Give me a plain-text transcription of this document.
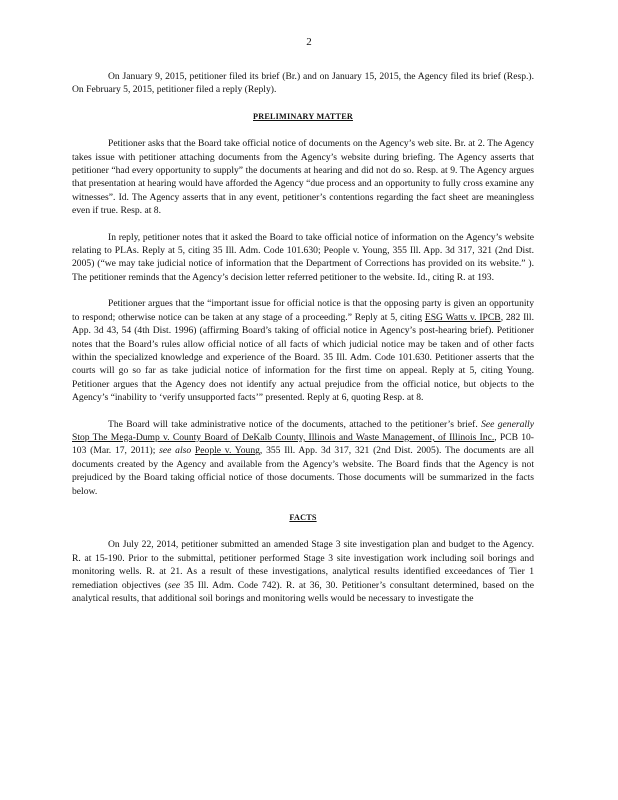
2

On January 9, 2015, petitioner filed its brief (Br.) and on January 15, 2015, the Agency filed its brief (Resp.). On February 5, 2015, petitioner filed a reply (Reply).

PRELIMINARY MATTER

Petitioner asks that the Board take official notice of documents on the Agency’s web site. Br. at 2. The Agency takes issue with petitioner attaching documents from the Agency’s website during briefing. The Agency asserts that petitioner “had every opportunity to supply” the documents at hearing and did not do so. Resp. at 9. The Agency argues that presentation at hearing would have afforded the Agency “due process and an opportunity to fully cross examine any witnesses”. Id. The Agency asserts that in any event, petitioner’s contentions regarding the fact sheet are meaningless even if true. Resp. at 8.

In reply, petitioner notes that it asked the Board to take official notice of information on the Agency’s website relating to PLAs. Reply at 5, citing 35 Ill. Adm. Code 101.630; People v. Young, 355 Ill. App. 3d 317, 321 (2nd Dist. 2005) (“we may take judicial notice of information that the Department of Corrections has provided on its website.” ). The petitioner reminds that the Agency’s decision letter referred petitioner to the website. Id., citing R. at 193.

Petitioner argues that the “important issue for official notice is that the opposing party is given an opportunity to respond; otherwise notice can be taken at any stage of a proceeding.” Reply at 5, citing ESG Watts v. IPCB, 282 Ill. App. 3d 43, 54 (4th Dist. 1996) (affirming Board’s taking of official notice in Agency’s post-hearing brief). Petitioner notes that the Board’s rules allow official notice of all facts of which judicial notice may be taken and of other facts within the specialized knowledge and experience of the Board. 35 Ill. Adm. Code 101.630. Petitioner asserts that the courts will go so far as take judicial notice of information for the first time on appeal. Reply at 5, citing Young. Petitioner argues that the Agency does not identify any actual prejudice from the official notice, but objects to the Agency’s “inability to ‘verify unsupported facts’” presented. Reply at 6, quoting Resp. at 8.

The Board will take administrative notice of the documents, attached to the petitioner’s brief. See generally Stop The Mega-Dump v. County Board of DeKalb County, Illinois and Waste Management, of Illinois Inc., PCB 10-103 (Mar. 17, 2011); see also People v. Young, 355 Ill. App. 3d 317, 321 (2nd Dist. 2005). The documents are all documents created by the Agency and available from the Agency’s website. The Board finds that the Agency is not prejudiced by the Board taking official notice of those documents. Those documents will be summarized in the facts below.

FACTS

On July 22, 2014, petitioner submitted an amended Stage 3 site investigation plan and budget to the Agency. R. at 15-190. Prior to the submittal, petitioner performed Stage 3 site investigation work including soil borings and monitoring wells. R. at 21. As a result of these investigations, analytical results identified exceedances of Tier 1 remediation objectives (see 35 Ill. Adm. Code 742). R. at 36, 30. Petitioner’s consultant determined, based on the analytical results, that additional soil borings and monitoring wells would be necessary to investigate the
